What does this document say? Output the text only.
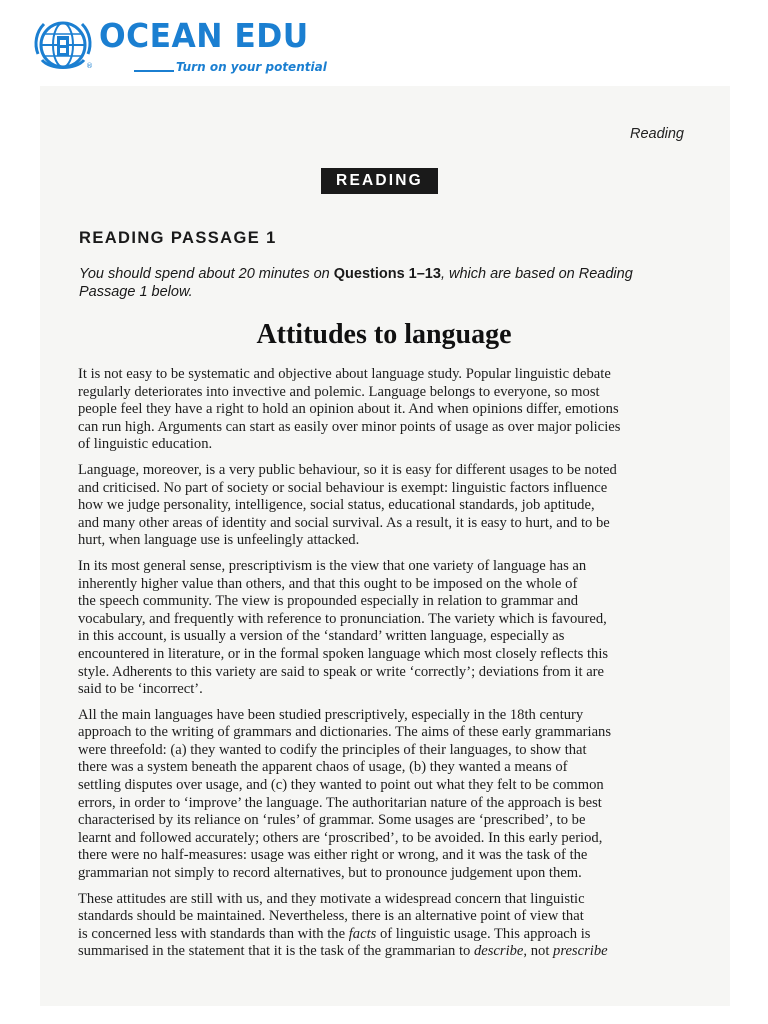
OCEAN EDU
®	Turn on your potential
Reading
READING
READING PASSAGE 1
You should spend about 20 minutes on Questions 1–13, which are based on Reading
Passage 1 below.
Attitudes to language
It is not easy to be systematic and objective about language study. Popular linguistic debate
regularly deteriorates into invective and polemic. Language belongs to everyone, so most
people feel they have a right to hold an opinion about it. And when opinions differ, emotions
can run high. Arguments can start as easily over minor points of usage as over major policies
of linguistic education.
Language, moreover, is a very public behaviour, so it is easy for different usages to be noted
and criticised. No part of society or social behaviour is exempt: linguistic factors influence
how we judge personality, intelligence, social status, educational standards, job aptitude,
and many other areas of identity and social survival. As a result, it is easy to hurt, and to be
hurt, when language use is unfeelingly attacked.
In its most general sense, prescriptivism is the view that one variety of language has an
inherently higher value than others, and that this ought to be imposed on the whole of
the speech community. The view is propounded especially in relation to grammar and
vocabulary, and frequently with reference to pronunciation. The variety which is favoured,
in this account, is usually a version of the ‘standard’ written language, especially as
encountered in literature, or in the formal spoken language which most closely reflects this
style. Adherents to this variety are said to speak or write ‘correctly’; deviations from it are
said to be ‘incorrect’.
All the main languages have been studied prescriptively, especially in the 18th century
approach to the writing of grammars and dictionaries. The aims of these early grammarians
were threefold: (a) they wanted to codify the principles of their languages, to show that
there was a system beneath the apparent chaos of usage, (b) they wanted a means of
settling disputes over usage, and (c) they wanted to point out what they felt to be common
errors, in order to ‘improve’ the language. The authoritarian nature of the approach is best
characterised by its reliance on ‘rules’ of grammar. Some usages are ‘prescribed’, to be
learnt and followed accurately; others are ‘proscribed’, to be avoided. In this early period,
there were no half-measures: usage was either right or wrong, and it was the task of the
grammarian not simply to record alternatives, but to pronounce judgement upon them.
These attitudes are still with us, and they motivate a widespread concern that linguistic
standards should be maintained. Nevertheless, there is an alternative point of view that
is concerned less with standards than with the facts of linguistic usage. This approach is
summarised in the statement that it is the task of the grammarian to describe, not prescribe
